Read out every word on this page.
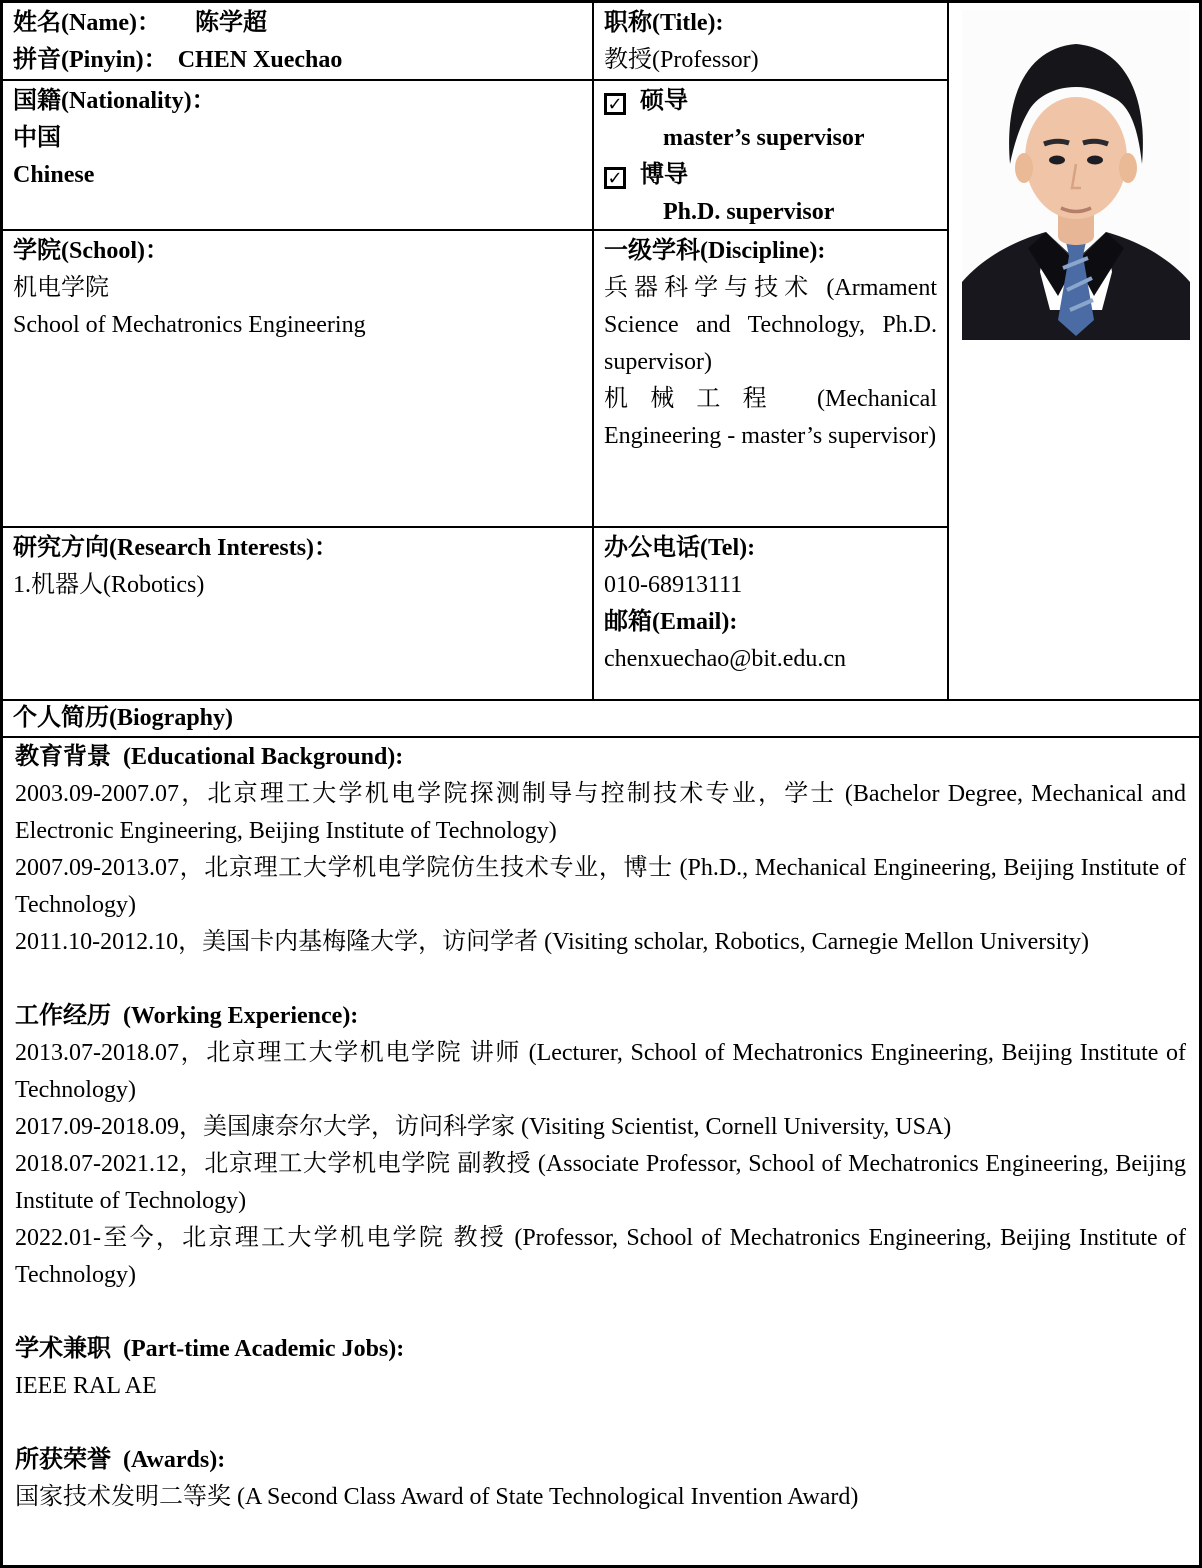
姓名(Name)： 陈学超
拼音(Pinyin)： CHEN Xuechao
职称(Title):
教授(Professor)
国籍(Nationality)：
中国
Chinese
✓ 硕导
master’s supervisor
✓ 博导
Ph.D. supervisor
学院(School)：
机电学院
School of Mechatronics Engineering
一级学科(Discipline):
兵器科学与技术 (Armament Science and Technology, Ph.D. supervisor)
机械工程 (Mechanical Engineering - master’s supervisor)
研究方向(Research Interests)：
1.机器人(Robotics)
办公电话(Tel):
010-68913111
邮箱(Email):
chenxuechao@bit.edu.cn
个人简历(Biography)

教育背景  (Educational Background):

2003.09-2007.07，北京理工大学机电学院探测制导与控制技术专业，学士 (Bachelor Degree, Mechanical and Electronic Engineering, Beijing Institute of Technology)

2007.09-2013.07，北京理工大学机电学院仿生技术专业，博士 (Ph.D., Mechanical Engineering, Beijing Institute of Technology)

2011.10-2012.10，美国卡内基梅隆大学，访问学者 (Visiting scholar, Robotics, Carnegie Mellon University)

工作经历  (Working Experience):

2013.07-2018.07，北京理工大学机电学院 讲师 (Lecturer, School of Mechatronics Engineering, Beijing Institute of Technology)

2017.09-2018.09，美国康奈尔大学，访问科学家 (Visiting Scientist, Cornell University, USA)

2018.07-2021.12，北京理工大学机电学院 副教授 (Associate Professor, School of Mechatronics Engineering, Beijing Institute of Technology)

2022.01-至今，北京理工大学机电学院 教授 (Professor, School of Mechatronics Engineering, Beijing Institute of Technology)

学术兼职  (Part-time Academic Jobs):

IEEE RAL AE

所获荣誉  (Awards):

国家技术发明二等奖 (A Second Class Award of State Technological Invention Award)
